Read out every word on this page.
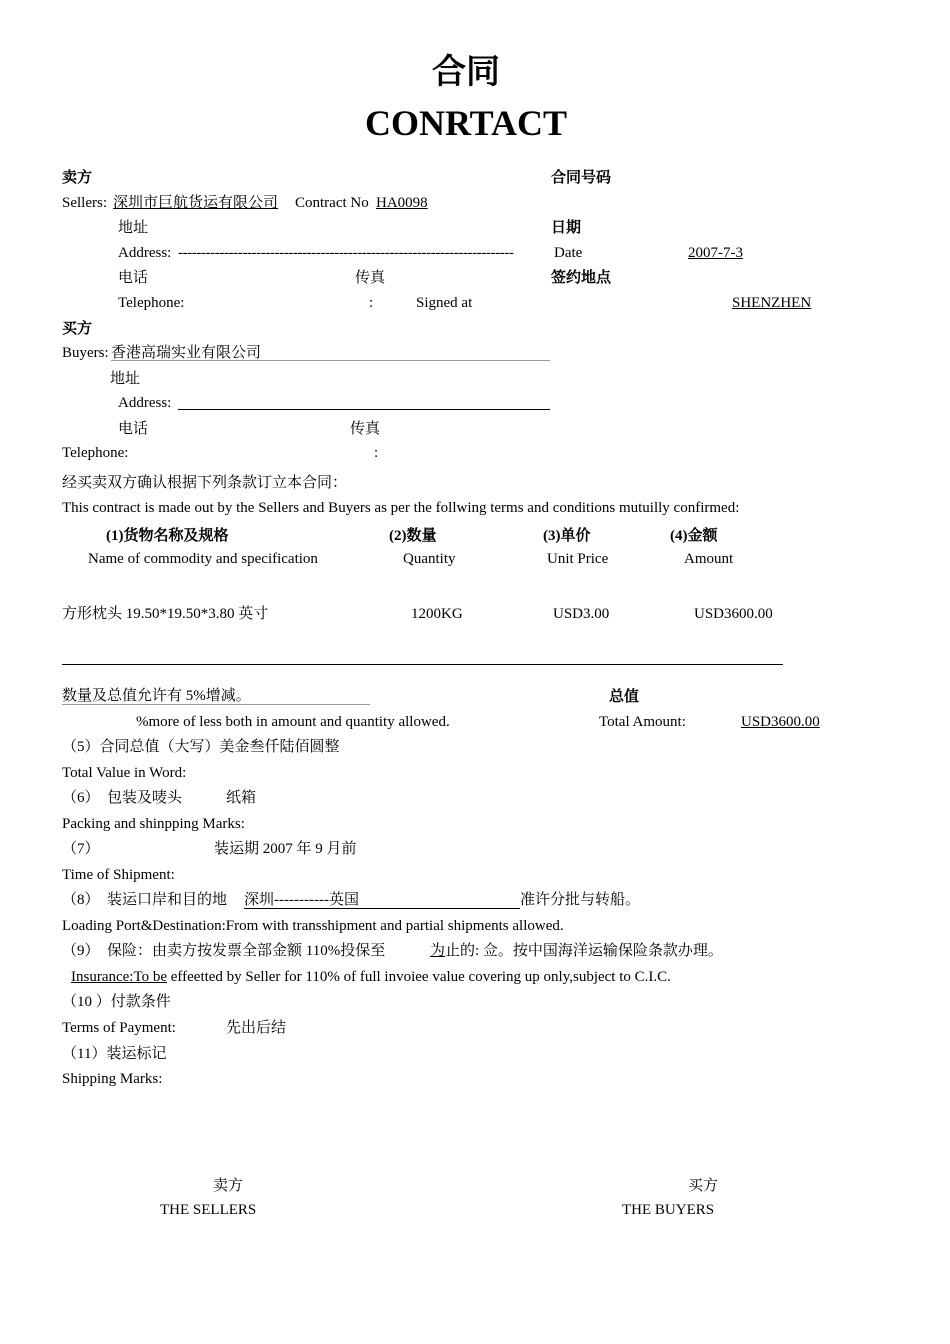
合同
CONRTACT
卖方	合同号码
Sellers: 深圳市巨航货运有限公司 Contract No HA0098
地址	日期
Address: -------------------------------------------------------------------------	Date	2007-7-3
电话	传真	签约地点
Telephone:	:	Signed at	SHENZHEN
买方
Buyers: 香港高瑞实业有限公司
地址
Address:
电话	传真
Telephone:	:
经买卖双方确认根据下列条款订立本合同：
This contract is made out by the Sellers and Buyers as per the follwing terms and conditions mutuilly confirmed:
(1)货物名称及规格	(2)数量	(3)单价	(4)金额
Name of commodity and specification	Quantity	Unit Price	Amount
方形枕头 19.50*19.50*3.80 英寸	1200KG	USD3.00	USD3600.00
数量及总值允许有 5%增减。	总值
%more of less both in amount and quantity allowed.	Total Amount:	USD3600.00
（5）合同总值（大写）美金叁仟陆佰圆整
Total Value in Word:
（6）  包装及唛头	纸箱
Packing and shinpping Marks:
（7）	装运期 2007 年 9 月前
Time of Shipment:
（8）  装运口岸和目的地 深圳-----------英国	准许分批与转船。
Loading Port&Destination:From with transshipment and partial shipments allowed.
（9）  保险：由卖方按发票全部金额 110%投保至	为 止的: 佥。按中国海洋运输保险条款办理。
Insurance:To be effeetted by Seller for 110% of full invoiee value covering up only,subject to C.I.C.
（10 ）付款条件
Terms of Payment:	先出后结
（11）装运标记
Shipping Marks:
卖方
THE SELLERS
买方
THE BUYERS
